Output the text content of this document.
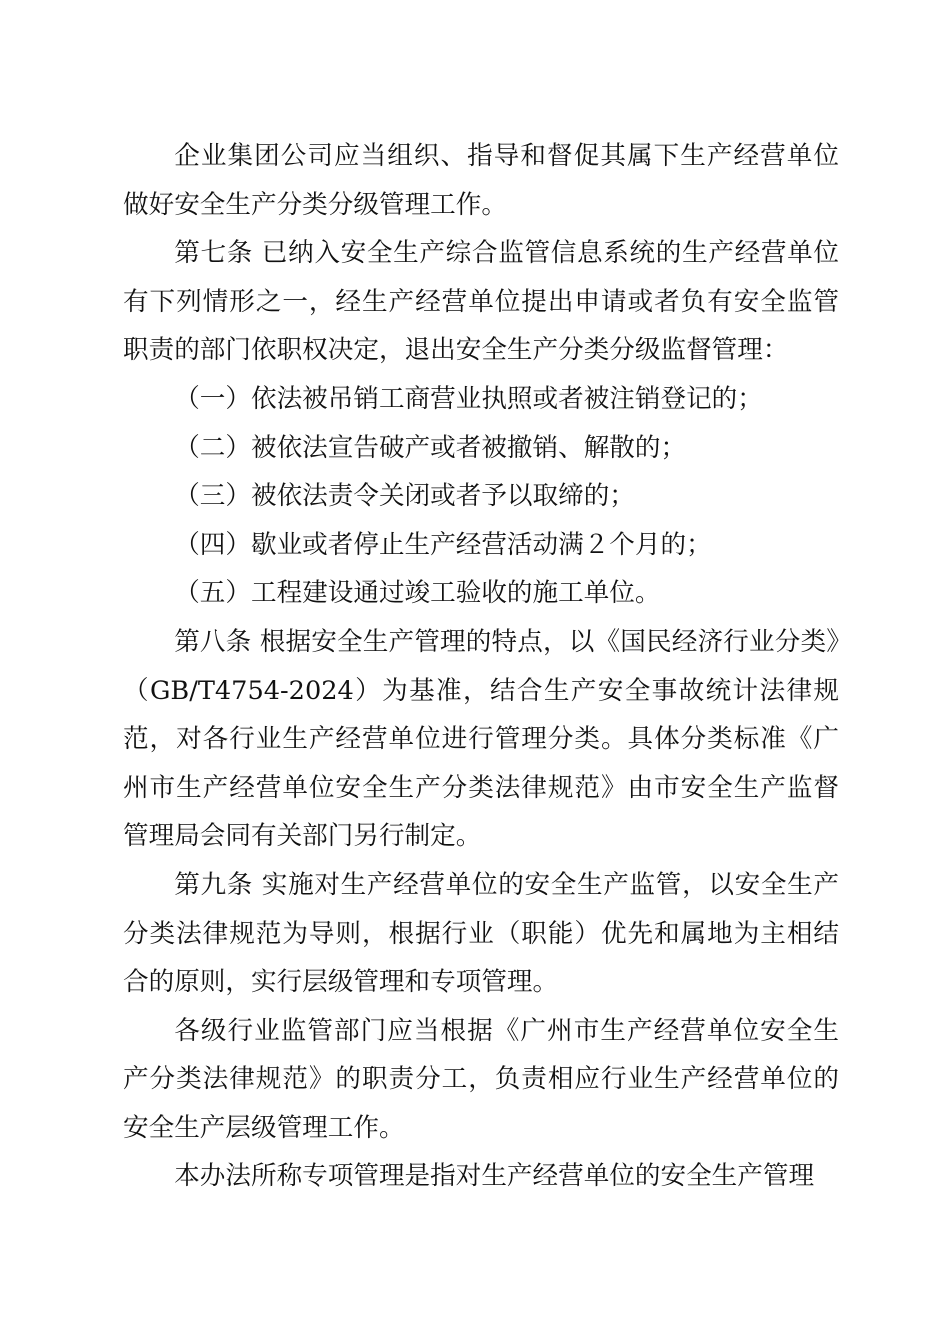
企业集团公司应当组织、指导和督促其属下生产经营单位做好安全生产分类分级管理工作。

第七条 已纳入安全生产综合监管信息系统的生产经营单位有下列情形之一，经生产经营单位提出申请或者负有安全监管职责的部门依职权决定，退出安全生产分类分级监督管理：

（一）依法被吊销工商营业执照或者被注销登记的；

（二）被依法宣告破产或者被撤销、解散的；

（三）被依法责令关闭或者予以取缔的；

（四）歇业或者停止生产经营活动满２个月的；

（五）工程建设通过竣工验收的施工单位。

第八条 根据安全生产管理的特点，以《国民经济行业分类》（GB/T4754-2024）为基准，结合生产安全事故统计法律规范，对各行业生产经营单位进行管理分类。具体分类标准《广州市生产经营单位安全生产分类法律规范》由市安全生产监督管理局会同有关部门另行制定。

第九条 实施对生产经营单位的安全生产监管，以安全生产分类法律规范为导则，根据行业（职能）优先和属地为主相结合的原则，实行层级管理和专项管理。

各级行业监管部门应当根据《广州市生产经营单位安全生产分类法律规范》的职责分工，负责相应行业生产经营单位的安全生产层级管理工作。

本办法所称专项管理是指对生产经营单位的安全生产管理
